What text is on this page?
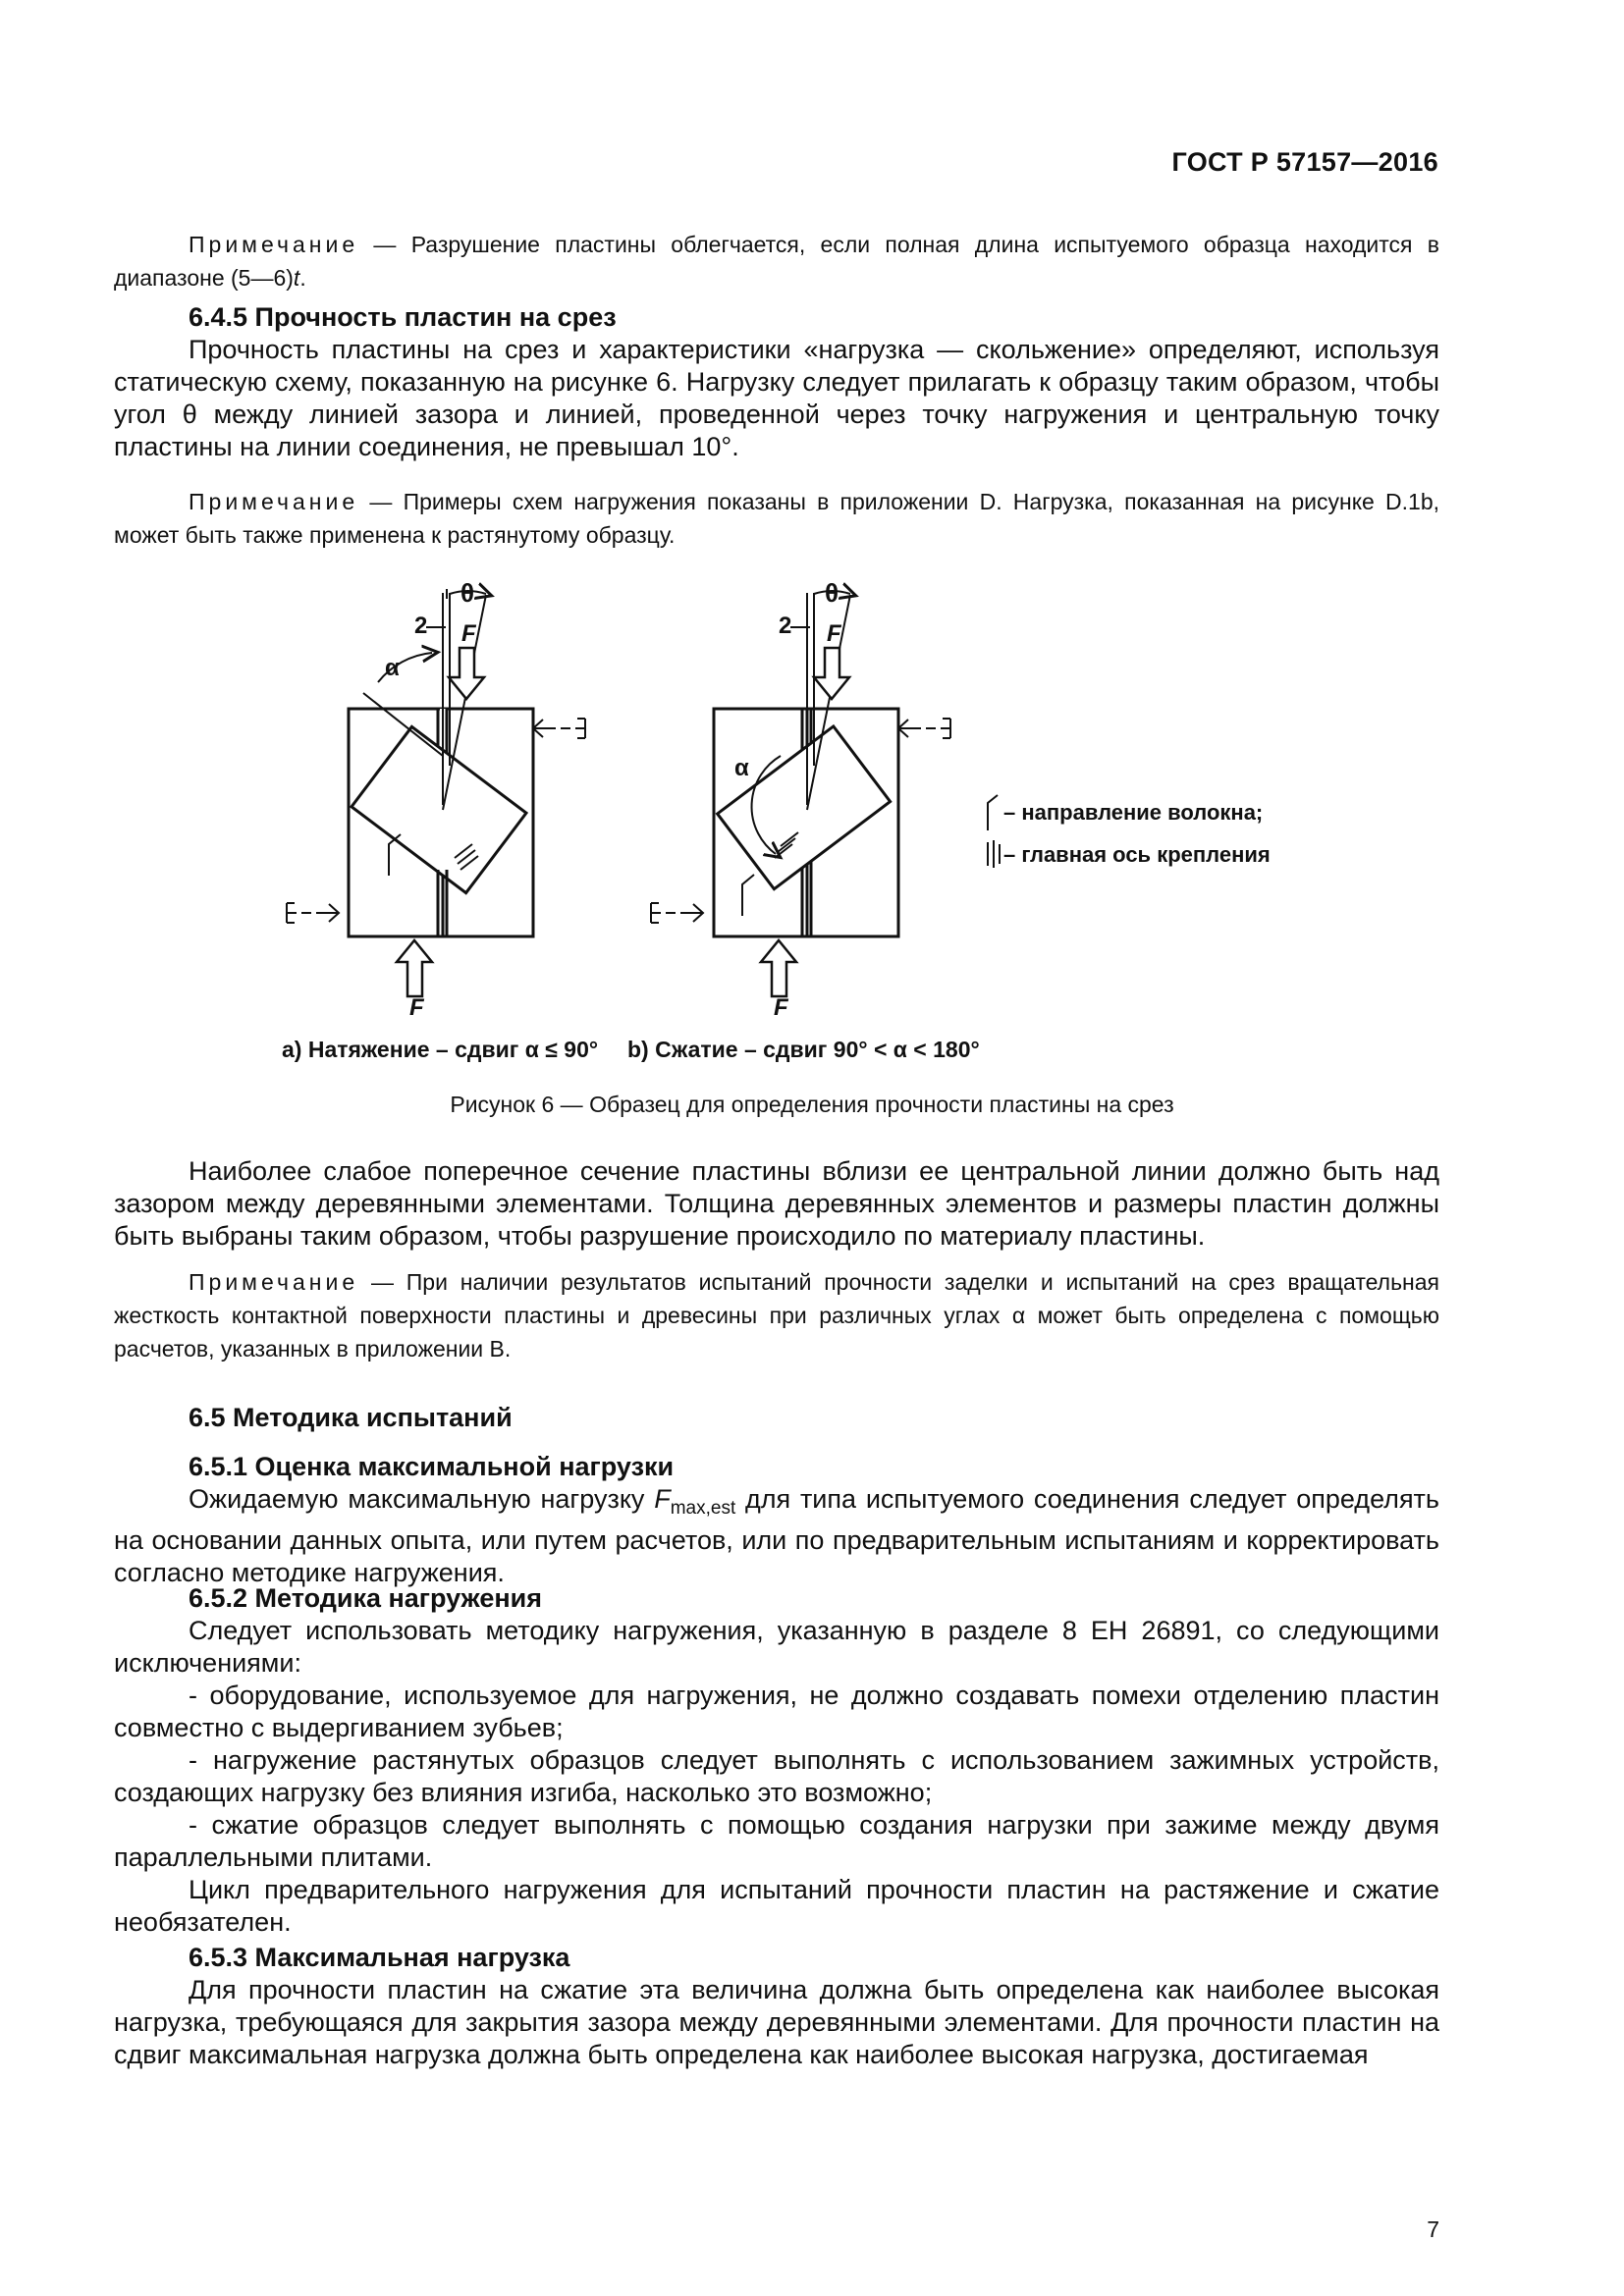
ГОСТ Р 57157—2016

Примечание — Разрушение пластины облегчается, если полная длина испытуемого образца находится в диапазоне (5—6)t.

6.4.5 Прочность пластин на срез

Прочность пластины на срез и характеристики «нагрузка — скольжение» определяют, используя статическую схему, показанную на рисунке 6. Нагрузку следует прилагать к образцу таким образом, чтобы угол θ между линией зазора и линией, проведенной через точку нагружения и центральную точку пластины на линии соединения, не превышал 10°.

Примечание — Примеры схем нагружения показаны в приложении D. Нагрузка, показанная на рисунке D.1b, может быть также применена к растянутому образцу.

θ
2 F
α
F
θ
2 F
α
F
– направление волокна;
– главная ось крепления
a) Натяжение – сдвиг α ≤ 90° b) Сжатие – сдвиг 90° < α < 180°
Рисунок 6 — Образец для определения прочности пластины на срез

Наиболее слабое поперечное сечение пластины вблизи ее центральной линии должно быть над зазором между деревянными элементами. Толщина деревянных элементов и размеры пластин должны быть выбраны таким образом, чтобы разрушение происходило по материалу пластины.

Примечание — При наличии результатов испытаний прочности заделки и испытаний на срез вращательная жесткость контактной поверхности пластины и древесины при различных углах α может быть определена с помощью расчетов, указанных в приложении В.

6.5 Методика испытаний

6.5.1 Оценка максимальной нагрузки

Ожидаемую максимальную нагрузку $F_{max,est}$ для типа испытуемого соединения следует определять на основании данных опыта, или путем расчетов, или по предварительным испытаниям и корректировать согласно методике нагружения.

6.5.2 Методика нагружения

Следует использовать методику нагружения, указанную в разделе 8 ЕН 26891, со следующими исключениями:

- оборудование, используемое для нагружения, не должно создавать помехи отделению пластин совместно с выдергиванием зубьев;

- нагружение растянутых образцов следует выполнять с использованием зажимных устройств, создающих нагрузку без влияния изгиба, насколько это возможно;

- сжатие образцов следует выполнять с помощью создания нагрузки при зажиме между двумя параллельными плитами.

Цикл предварительного нагружения для испытаний прочности пластин на растяжение и сжатие необязателен.

6.5.3 Максимальная нагрузка

Для прочности пластин на сжатие эта величина должна быть определена как наиболее высокая нагрузка, требующаяся для закрытия зазора между деревянными элементами. Для прочности пластин на сдвиг максимальная нагрузка должна быть определена как наиболее высокая нагрузка, достигаемая

7
